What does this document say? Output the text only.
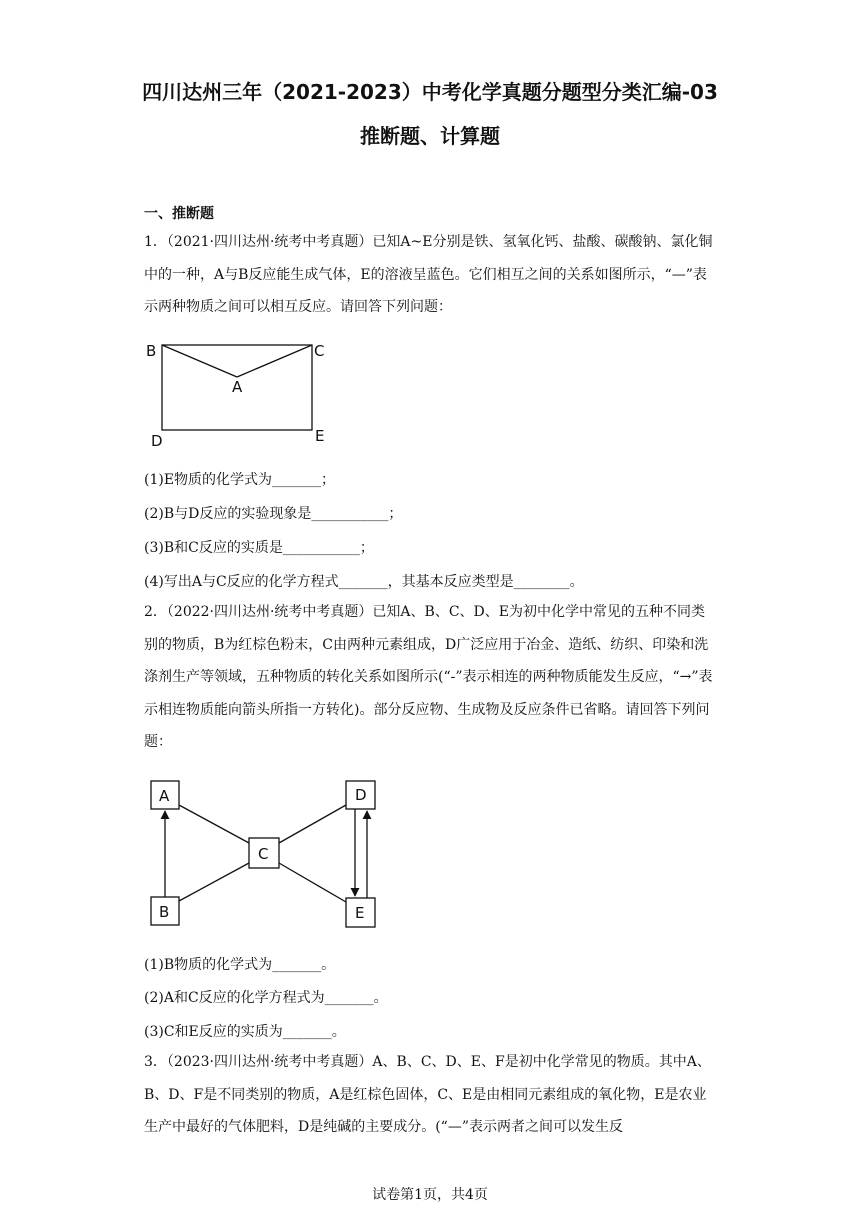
四川达州三年（2021-2023）中考化学真题分题型分类汇编-03
推断题、计算题
一、推断题
1．（2021·四川达州·统考中考真题）已知A~E分别是铁、氢氧化钙、盐酸、碳酸钠、氯化铜中的一种，A与B反应能生成气体，E的溶液呈蓝色。它们相互之间的关系如图所示，“—”表示两种物质之间可以相互反应。请回答下列问题：
B	C
A
D	E
(1)E物质的化学式为_______；
(2)B与D反应的实验现象是___________；
(3)B和C反应的实质是___________；
(4)写出A与C反应的化学方程式_______，其基本反应类型是________。
2．（2022·四川达州·统考中考真题）已知A、B、C、D、E为初中化学中常见的五种不同类别的物质，B为红棕色粉末，C由两种元素组成，D广泛应用于冶金、造纸、纺织、印染和洗涤剂生产等领域，五种物质的转化关系如图所示(“-”表示相连的两种物质能发生反应，“→”表示相连物质能向箭头所指一方转化)。部分反应物、生成物及反应条件已省略。请回答下列问题：
A
B
C
D
E
(1)B物质的化学式为_______。
(2)A和C反应的化学方程式为_______。
(3)C和E反应的实质为_______。
3．（2023·四川达州·统考中考真题）A、B、C、D、E、F是初中化学常见的物质。其中A、B、D、F是不同类别的物质，A是红棕色固体，C、E是由相同元素组成的氧化物，E是农业生产中最好的气体肥料，D是纯碱的主要成分。(“—”表示两者之间可以发生反
试卷第1页，共4页
